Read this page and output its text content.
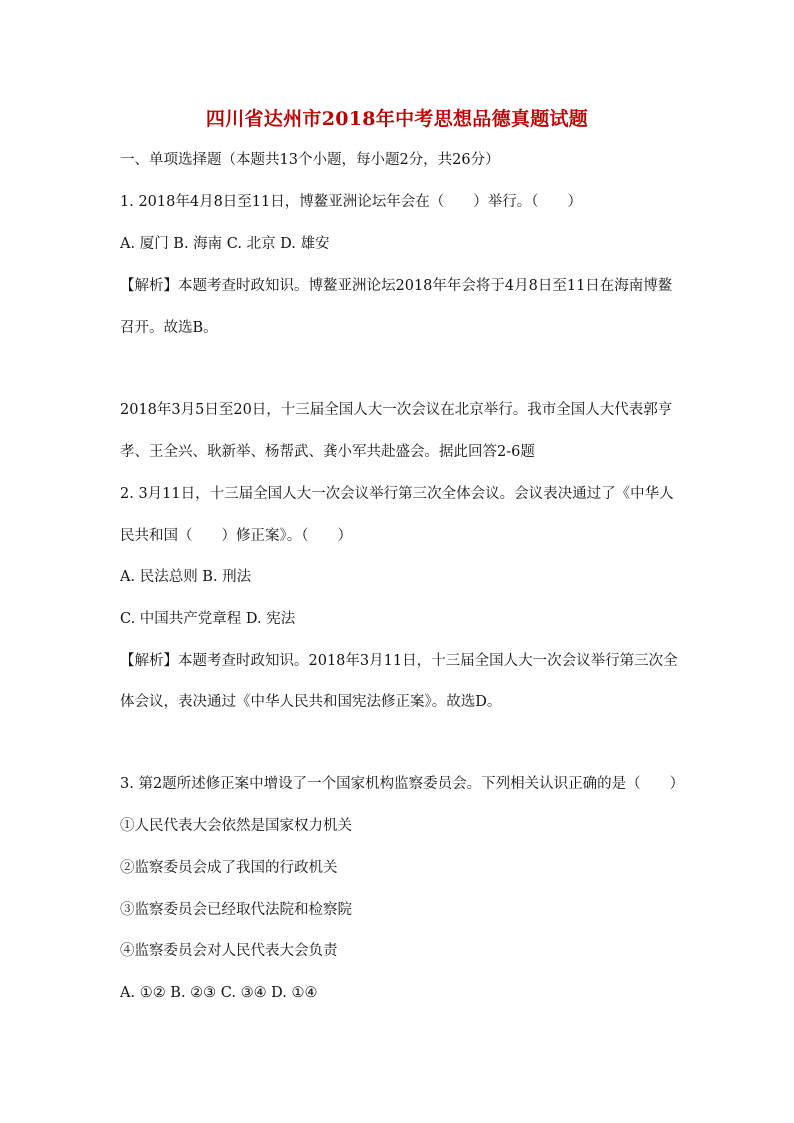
四川省达州市2018年中考思想品德真题试题

一、单项选择题（本题共13个小题，每小题2分，共26分）

1. 2018年4月8日至11日，博鳌亚洲论坛年会在（　　）举行。（　　）

A. 厦门 B. 海南 C. 北京 D. 雄安

【解析】本题考查时政知识。博鳌亚洲论坛2018年年会将于4月8日至11日在海南博鳌

召开。故选B。

2018年3月5日至20日，十三届全国人大一次会议在北京举行。我市全国人大代表郭亨

孝、王全兴、耿新举、杨帮武、龚小军共赴盛会。据此回答2-6题

2. 3月11日，十三届全国人大一次会议举行第三次全体会议。会议表决通过了《中华人

民共和国（　　）修正案》。（　　）

A. 民法总则 B. 刑法

C. 中国共产党章程 D. 宪法

【解析】本题考查时政知识。2018年3月11日，十三届全国人大一次会议举行第三次全

体会议，表决通过《中华人民共和国宪法修正案》。故选D。

3. 第2题所述修正案中增设了一个国家机构监察委员会。下列相关认识正确的是（　　）

①人民代表大会依然是国家权力机关

②监察委员会成了我国的行政机关

③监察委员会已经取代法院和检察院

④监察委员会对人民代表大会负责

A. ①② B. ②③ C. ③④ D. ①④
